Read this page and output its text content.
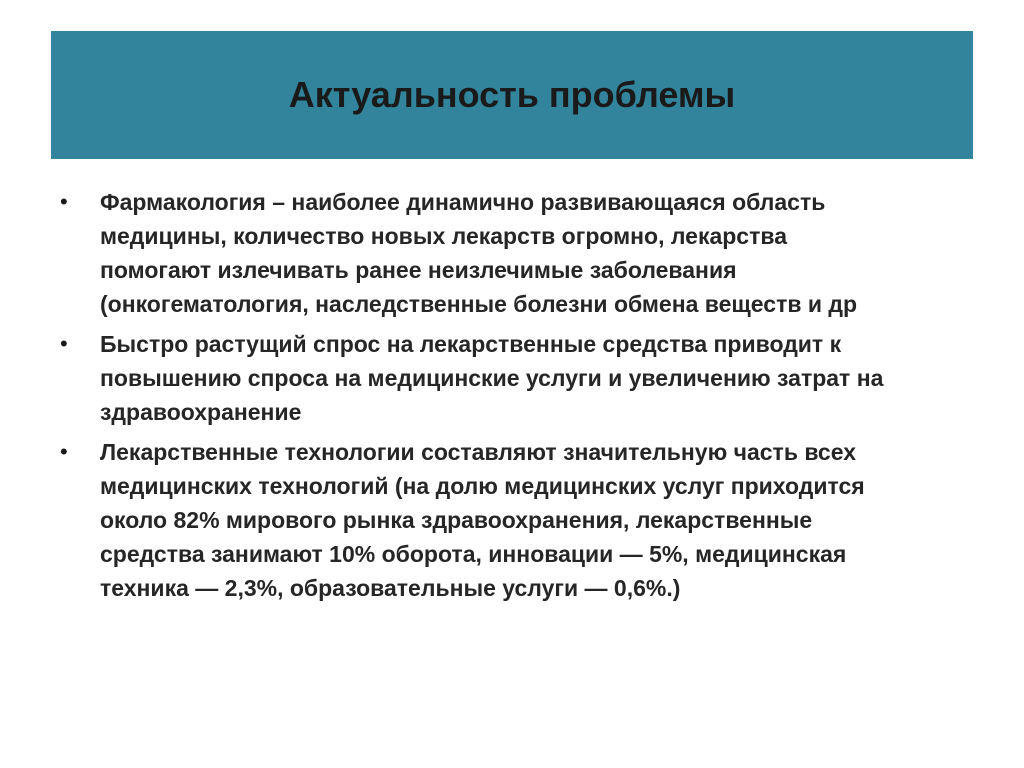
Актуальность проблемы
•	Фармакология – наиболее динамично развивающаяся область
медицины, количество новых лекарств огромно, лекарства
помогают излечивать ранее неизлечимые заболевания
(онкогематология, наследственные болезни обмена веществ и др
•	Быстро растущий спрос на лекарственные средства приводит к
повышению спроса на медицинские услуги и увеличению затрат на
здравоохранение
•	Лекарственные технологии составляют значительную часть всех
медицинских технологий (на долю медицинских услуг приходится
около 82% мирового рынка здравоохранения, лекарственные
средства занимают 10% оборота, инновации — 5%, медицинская
техника — 2,3%, образовательные услуги — 0,6%.)
